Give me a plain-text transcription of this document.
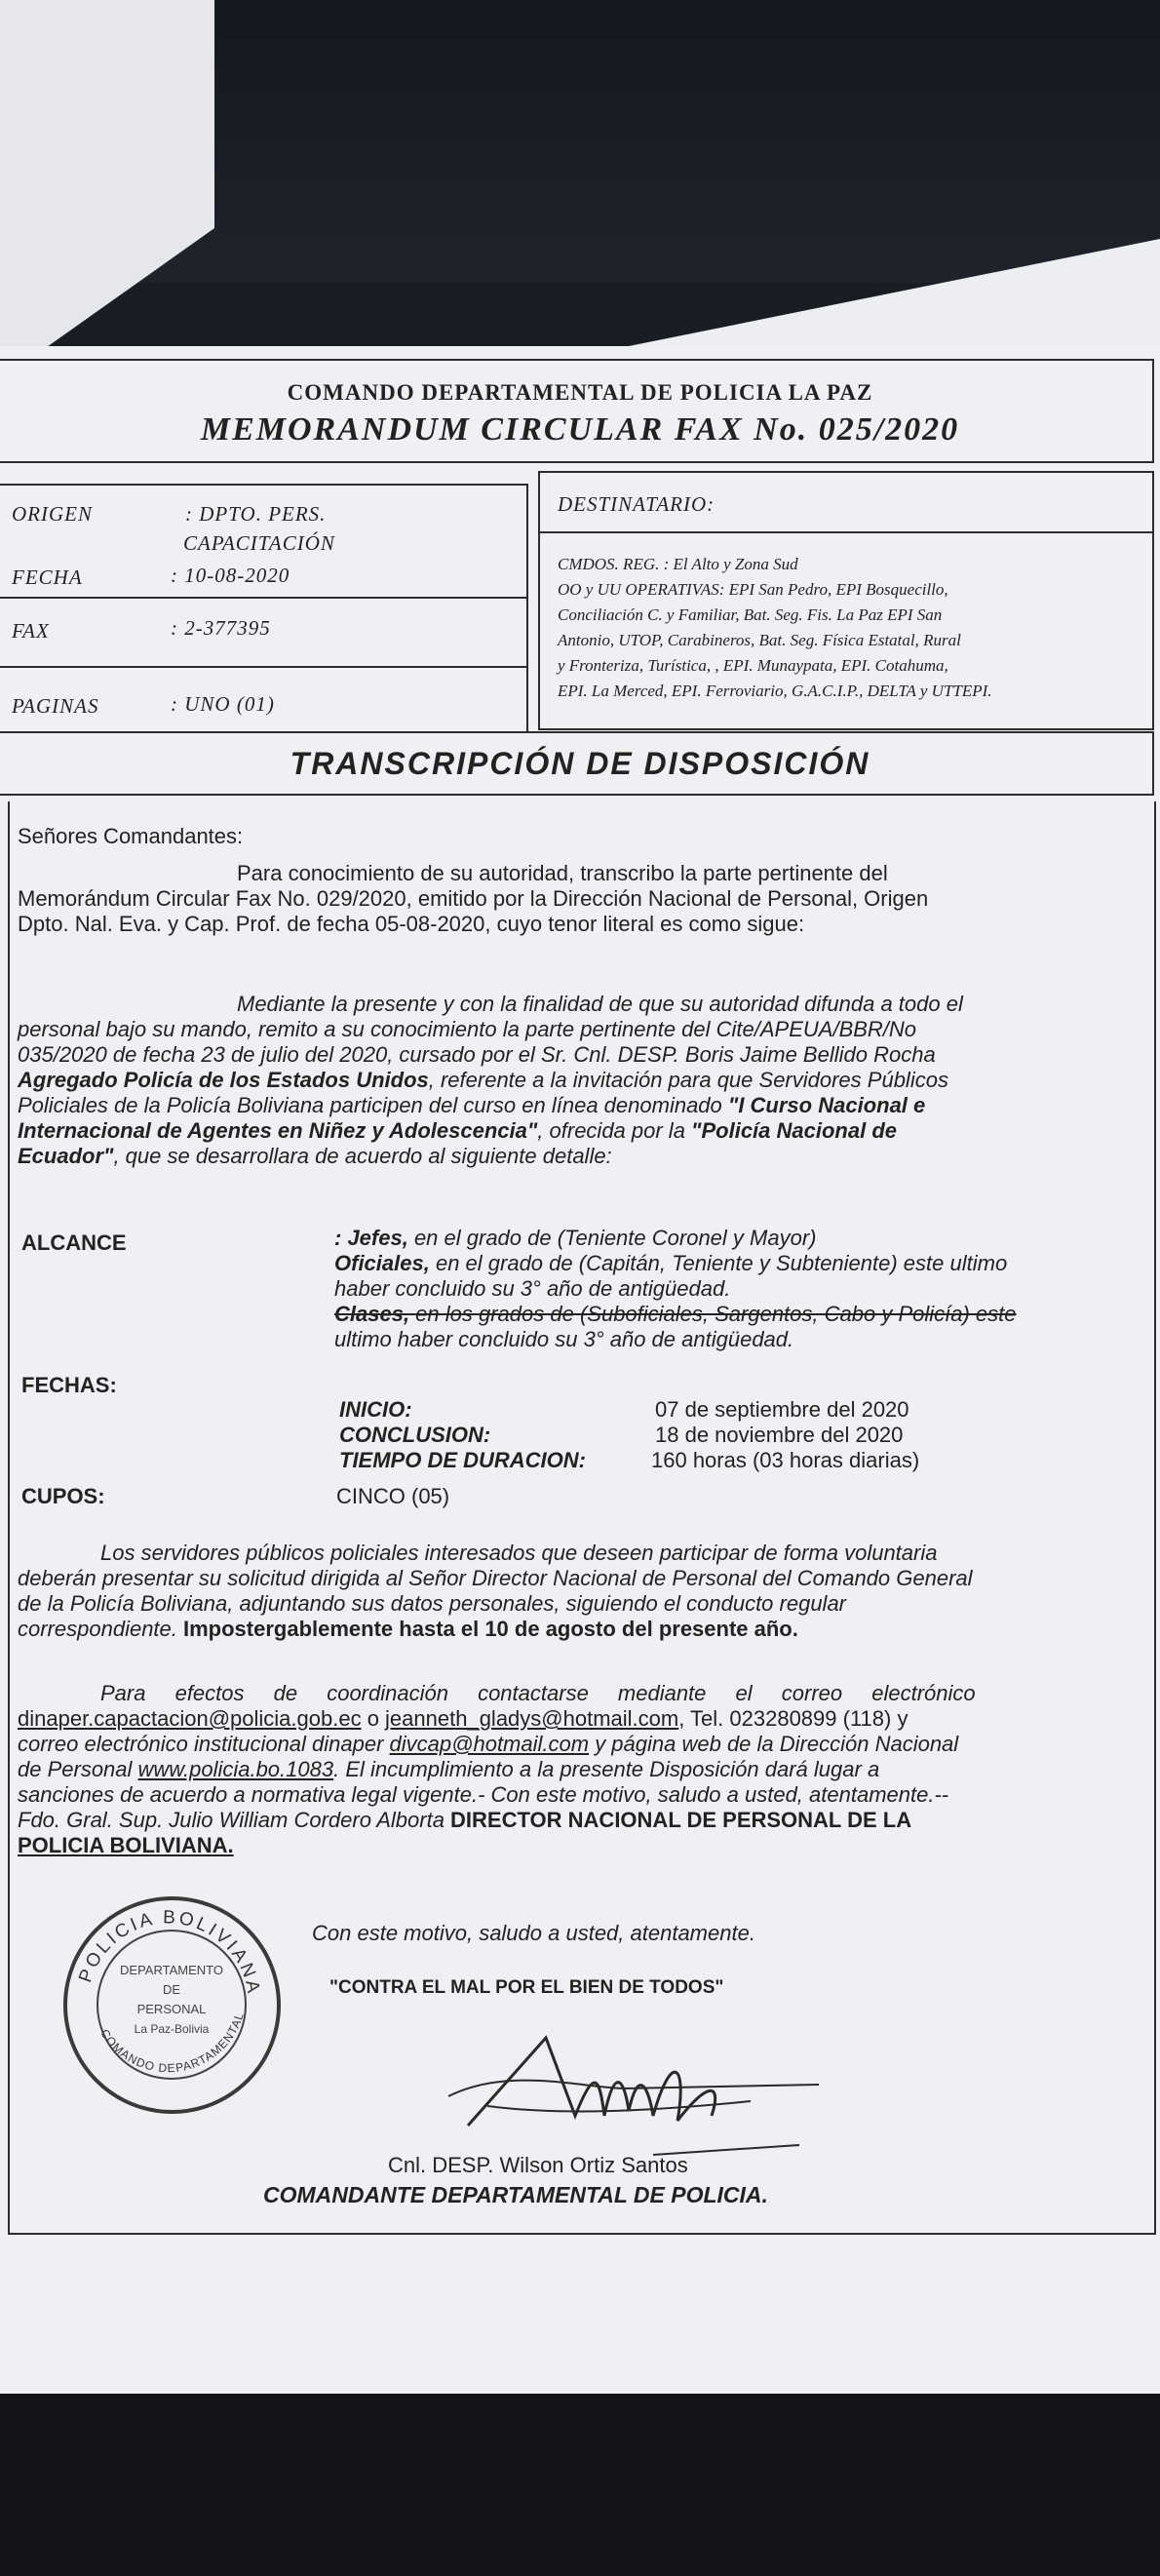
COMANDO DEPARTAMENTAL DE POLICIA LA PAZ
MEMORANDUM CIRCULAR FAX No. 025/2020
ORIGEN	: DPTO. PERS.
CAPACITACIÓN
FECHA	: 10-08-2020
FAX	: 2-377395
PAGINAS	: UNO (01)
DESTINATARIO:
CMDOS. REG. : El Alto y Zona Sud
OO y UU OPERATIVAS: EPI San Pedro, EPI Bosquecillo,
Conciliación C. y Familiar, Bat. Seg. Fis. La Paz EPI San
Antonio, UTOP, Carabineros, Bat. Seg. Física Estatal, Rural
y Fronteriza, Turística, , EPI. Munaypata, EPI. Cotahuma,
EPI. La Merced, EPI. Ferroviario, G.A.C.I.P., DELTA y UTTEPI.
TRANSCRIPCIÓN DE DISPOSICIÓN
Señores Comandantes:
Para conocimiento de su autoridad, transcribo la parte pertinente del
Memorándum Circular Fax No. 029/2020, emitido por la Dirección Nacional de Personal, Origen
Dpto. Nal. Eva. y Cap. Prof. de fecha 05-08-2020, cuyo tenor literal es como sigue:
Mediante la presente y con la finalidad de que su autoridad difunda a todo el
personal bajo su mando, remito a su conocimiento la parte pertinente del Cite/APEUA/BBR/No
035/2020 de fecha 23 de julio del 2020, cursado por el Sr. Cnl. DESP. Boris Jaime Bellido Rocha
Agregado Policía de los Estados Unidos, referente a la invitación para que Servidores Públicos
Policiales de la Policía Boliviana participen del curso en línea denominado "I Curso Nacional e
Internacional de Agentes en Niñez y Adolescencia", ofrecida por la "Policía Nacional de
Ecuador", que se desarrollara de acuerdo al siguiente detalle:
ALCANCE	: Jefes, en el grado de (Teniente Coronel y Mayor)
Oficiales, en el grado de (Capitán, Teniente y Subteniente) este ultimo
haber concluido su 3° año de antigüedad.
Clases, en los grados de (Suboficiales, Sargentos, Cabo y Policía) este
ultimo haber concluido su 3° año de antigüedad.
FECHAS:
INICIO:	07 de septiembre del 2020
CONCLUSION:	18 de noviembre del 2020
TIEMPO DE DURACION:	160 horas (03 horas diarias)
CUPOS:	CINCO (05)
Los servidores públicos policiales interesados que deseen participar de forma voluntaria
deberán presentar su solicitud dirigida al Señor Director Nacional de Personal del Comando General
de la Policía Boliviana, adjuntando sus datos personales, siguiendo el conducto regular
correspondiente. Impostergablemente hasta el 10 de agosto del presente año.
Para efectos de coordinación contactarse mediante el correo electrónico
dinaper.capactacion@policia.gob.ec o jeanneth_gladys@hotmail.com, Tel. 023280899 (118) y
correo electrónico institucional dinaper divcap@hotmail.com y página web de la Dirección Nacional
de Personal www.policia.bo.1083. El incumplimiento a la presente Disposición dará lugar a
sanciones de acuerdo a normativa legal vigente.- Con este motivo, saludo a usted, atentamente.--
Fdo. Gral. Sup. Julio William Cordero Alborta DIRECTOR NACIONAL DE PERSONAL DE LA
POLICIA BOLIVIANA.
POLICIA BOLIVIANA
COMANDO DEPARTAMENTAL
DEPARTAMENTO
DE
PERSONAL
La Paz-Bolivia
Con este motivo, saludo a usted, atentamente.
"CONTRA EL MAL POR EL BIEN DE TODOS"
Cnl. DESP. Wilson Ortiz Santos
COMANDANTE DEPARTAMENTAL DE POLICIA.
